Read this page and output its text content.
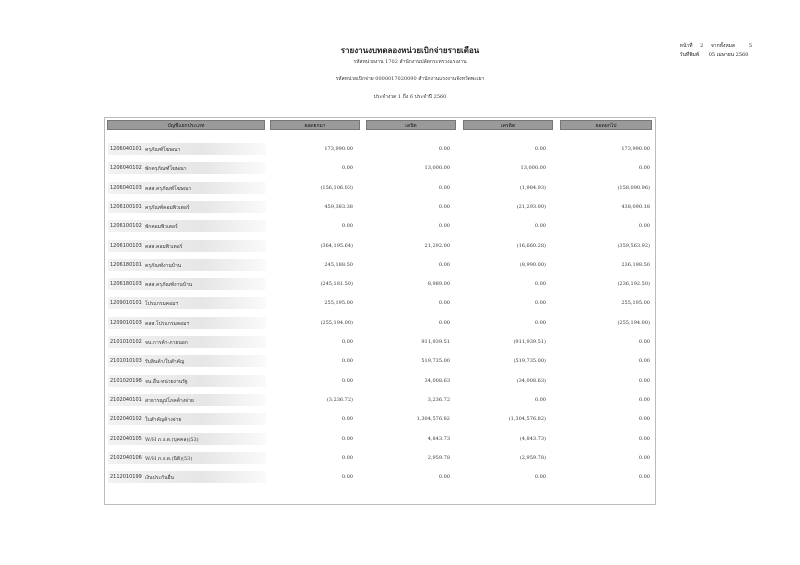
รายงานงบทดลองหน่วยเบิกจ่ายรายเดือน
รหัสหน่วยงาน 1702 สำนักงานปลัดกระทรวงแรงงาน
รหัสหน่วยเบิกจ่าย 0000017020090 สำนักงานแรงงานจังหวัดพะเยา
ประจำงวด 1 ถึง 6 ประจำปี 2560
หน้าที่ 2 จากทั้งหมด	5
วันที่พิมพ์ 05 เมษายน 2560
บัญชีแยกประเภท	ยอดยกมา	เดบิต	เครดิต	ยอดยกไป
1206040101 ครุภัณฑ์โฆษณา	173,990.00	0.00	0.00	173,990.00
1206040102 พักครุภัณฑ์โฆษณา	0.00	13,000.00	13,000.00	0.00
1206040103 คสส.ครุภัณฑ์โฆษณา	(156,106.03)	0.00	(1,984.93)	(158,090.96)
1206100101 ครุภัณฑ์คอมพิวเตอร์	459,383.38	0.00	(21,293.00)	438,090.18
1206100102 พักคอมพิวเตอร์	0.00	0.00	0.00	0.00
1206100103 คสส.คอมพิวเตอร์	(364,195.64)	21,292.00	(16,660.28)	(359,563.92)
1206180101 ครุภัณฑ์งานบ้าน	245,188.50	0.00	(8,990.00)	236,198.50
1206180103 คสส.ครุภัณฑ์งานบ้าน	(245,181.50)	8,989.00	0.00	(236,192.50)
1209010101 โปรแกรมคอมฯ	255,195.00	0.00	0.00	255,195.00
1209010103 คสส.โปรแกรมคอมฯ	(255,194.00)	0.00	0.00	(255,194.00)
2101010102 จน.การค้า-ภายนอก	0.00	911,939.51	(911,939.51)	0.00
2101010103 รับสินค้า/ใบสำคัญ	0.00	519,735.00	(519,735.00)	0.00
2101020198 จน.อื่น-หน่วยงานรัฐ	0.00	34,008.63	(34,008.63)	0.00
2102040101 สาธารณูปโภคค้างจ่าย	(3,236.72)	3,236.72	0.00	0.00
2102040102 ใบสำคัญค้างจ่าย	0.00	1,304,576.82	(1,304,576.82)	0.00
2102040105 W/H ภ.ง.ด.(บุคคล)(53)	0.00	4,843.73	(4,843.73)	0.00
2102040106 W/H ภ.ง.ด.(นิติ)(53)	0.00	2,959.78	(2,959.78)	0.00
2112010199 เงินประกันอื่น	0.00	0.00	0.00	0.00
